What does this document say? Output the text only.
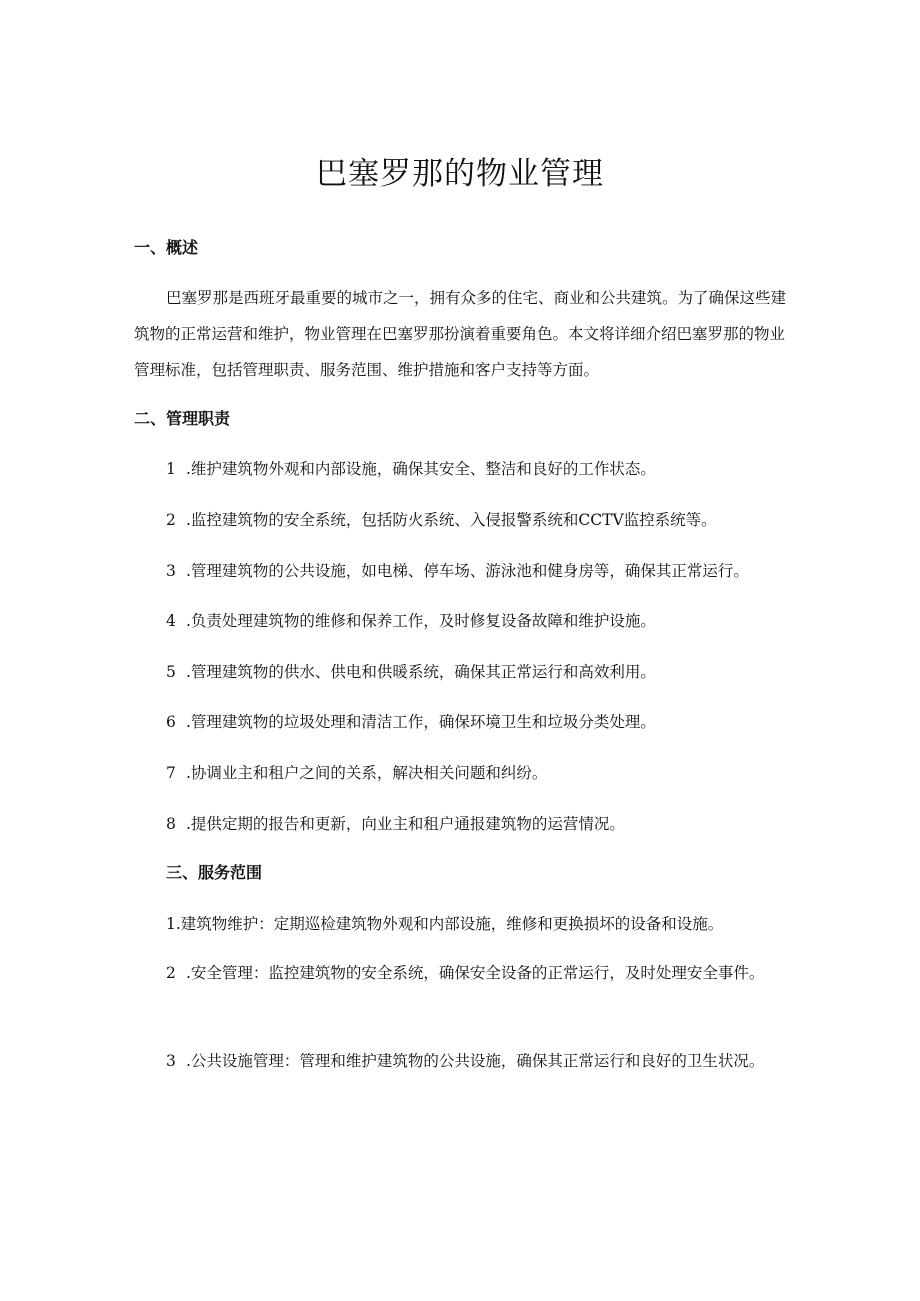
巴塞罗那的物业管理
一、概述

巴塞罗那是西班牙最重要的城市之一，拥有众多的住宅、商业和公共建筑。为了确保这些建筑物的正常运营和维护，物业管理在巴塞罗那扮演着重要角色。本文将详细介绍巴塞罗那的物业管理标准，包括管理职责、服务范围、维护措施和客户支持等方面。

二、管理职责

1 .维护建筑物外观和内部设施，确保其安全、整洁和良好的工作状态。

2 .监控建筑物的安全系统，包括防火系统、入侵报警系统和CCTV监控系统等。

3 .管理建筑物的公共设施，如电梯、停车场、游泳池和健身房等，确保其正常运行。

4 .负责处理建筑物的维修和保养工作，及时修复设备故障和维护设施。

5 .管理建筑物的供水、供电和供暖系统，确保其正常运行和高效利用。

6 .管理建筑物的垃圾处理和清洁工作，确保环境卫生和垃圾分类处理。

7 .协调业主和租户之间的关系，解决相关问题和纠纷。

8 .提供定期的报告和更新，向业主和租户通报建筑物的运营情况。

三、服务范围

1.建筑物维护：定期巡检建筑物外观和内部设施，维修和更换损坏的设备和设施。

2 .安全管理：监控建筑物的安全系统，确保安全设备的正常运行，及时处理安全事件。

3 .公共设施管理：管理和维护建筑物的公共设施，确保其正常运行和良好的卫生状况。
